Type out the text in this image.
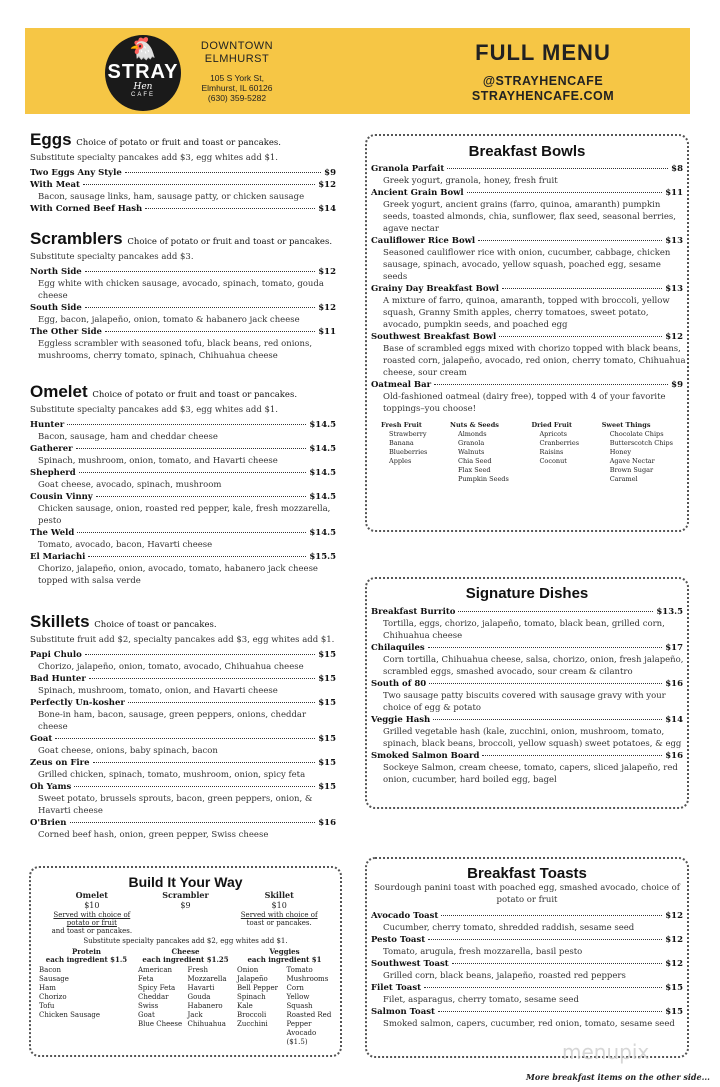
🐔
STRAY
Hen
CAFE
DOWNTOWN
ELMHURST
105 S York St,
Elmhurst, IL 60126
(630) 359-5282
FULL MENU
@STRAYHENCAFE
STRAYHENCAFE.COM
Breakfast Bowls
Granola Parfait	$8
Greek yogurt, granola, honey, fresh fruit
Ancient Grain Bowl	$11
Greek yogurt, ancient grains (farro, quinoa, amaranth) pumpkin seeds, toasted almonds, chia, sunflower, flax seed, seasonal berries, agave nectar
Cauliflower Rice Bowl	$13
Seasoned cauliflower rice with onion, cucumber, cabbage, chicken sausage, spinach, avocado, yellow squash, poached egg, sesame seeds
Grainy Day Breakfast Bowl	$13
A mixture of farro, quinoa, amaranth, topped with broccoli, yellow squash, Granny Smith apples, cherry tomatoes, sweet potato, avocado, pumpkin seeds, and poached egg
Southwest Breakfast Bowl	$12
Base of scrambled eggs mixed with chorizo topped with black beans, roasted corn, jalapeño, avocado, red onion, cherry tomato, Chihuahua cheese, sour cream
Oatmeal Bar	$9
Old-fashioned oatmeal (dairy free), topped with 4 of your favorite toppings–you choose!
Fresh Fruit
Strawberry
Banana
Blueberries
Apples
Nuts & Seeds
Almonds
Granola
Walnuts
Chia Seed
Flax Seed
Pumpkin Seeds
Dried Fruit
Apricots
Cranberries
Raisins
Coconut
Sweet Things
Chocolate Chips
Butterscotch Chips
Honey
Agave Nectar
Brown Sugar
Caramel
Signature Dishes
Breakfast Burrito	$13.5
Tortilla, eggs, chorizo, jalapeño, tomato, black bean, grilled corn, Chihuahua cheese
Chilaquiles	$17
Corn tortilla, Chihuahua cheese, salsa, chorizo, onion, fresh jalapeño, scrambled eggs, smashed avocado, sour cream & cilantro
South of 80	$16
Two sausage patty biscuits covered with sausage gravy with your choice of egg & potato
Veggie Hash	$14
Grilled vegetable hash (kale, zucchini, onion, mushroom, tomato, spinach, black beans, broccoli, yellow squash) sweet potatoes, & egg
Smoked Salmon Board	$16
Sockeye Salmon, cream cheese, tomato, capers, sliced jalapeño, red onion, cucumber, hard boiled egg, bagel
Breakfast Toasts
Sourdough panini toast with poached egg, smashed avocado, choice of potato or fruit
Avocado Toast	$12
Cucumber, cherry tomato, shredded raddish, sesame seed
Pesto Toast	$12
Tomato, arugula, fresh mozzarella, basil pesto
Southwest Toast	$12
Grilled corn, black beans, jalapeño, roasted red peppers
Filet Toast	$15
Filet, asparagus, cherry tomato, sesame seed
Salmon Toast	$15
Smoked salmon, capers, cucumber, red onion, tomato, sesame seed
Build It Your Way
Omelet
$10
Served with choice of potato or fruit
and toast or pancakes.
Scrambler
$9
Skillet
$10
Served with choice of
toast or pancakes.
Substitute specialty pancakes add $2, egg whites add $1.
Protein
each ingredient $1.5
Bacon
Sausage
Ham
Chorizo
Tofu
Chicken Sausage
Cheese
each ingredient $1.25
American
Feta
Spicy Feta
Cheddar
Swiss
Goat
Blue Cheese
Fresh
Mozzarella
Havarti
Gouda
Habanero Jack
Chihuahua
Veggies
each ingredient $1
Onion
Jalapeño
Bell Pepper
Spinach
Kale
Broccoli
Zucchini
Tomato
Mushrooms
Corn
Yellow Squash
Roasted Red
Pepper
Avocado
($1.5)
More breakfast items on the other side...
menupix
Eggs Choice of potato or fruit and toast or pancakes.
Substitute specialty pancakes add $3, egg whites add $1.
Two Eggs Any Style	$9
With Meat	$12
Bacon, sausage links, ham, sausage patty, or chicken sausage
With Corned Beef Hash	$14
Scramblers Choice of potato or fruit and toast or pancakes.
Substitute specialty pancakes add $3.
North Side	$12
Egg white with chicken sausage, avocado, spinach, tomato, gouda cheese
South Side	$12
Egg, bacon, jalapeño, onion, tomato & habanero jack cheese
The Other Side	$11
Eggless scrambler with seasoned tofu, black beans, red onions, mushrooms, cherry tomato, spinach, Chihuahua cheese
Omelet Choice of potato or fruit and toast or pancakes.
Substitute specialty pancakes add $3, egg whites add $1.
Hunter	$14.5
Bacon, sausage, ham and cheddar cheese
Gatherer	$14.5
Spinach, mushroom, onion, tomato, and Havarti cheese
Shepherd	$14.5
Goat cheese, avocado, spinach, mushroom
Cousin Vinny	$14.5
Chicken sausage, onion, roasted red pepper, kale, fresh mozzarella, pesto
The Weld	$14.5
Tomato, avocado, bacon, Havarti cheese
El Mariachi	$15.5
Chorizo, jalapeño, onion, avocado, tomato, habanero jack cheese topped with salsa verde
Skillets Choice of toast or pancakes.
Substitute fruit add $2, specialty pancakes add $3, egg whites add $1.
Papi Chulo	$15
Chorizo, jalapeño, onion, tomato, avocado, Chihuahua cheese
Bad Hunter	$15
Spinach, mushroom, tomato, onion, and Havarti cheese
Perfectly Un-kosher	$15
Bone-in ham, bacon, sausage, green peppers, onions, cheddar cheese
Goat	$15
Goat cheese, onions, baby spinach, bacon
Zeus on Fire	$15
Grilled chicken, spinach, tomato, mushroom, onion, spicy feta
Oh Yams	$15
Sweet potato, brussels sprouts, bacon, green peppers, onion, & Havarti cheese
O'Brien	$16
Corned beef hash, onion, green pepper, Swiss cheese
